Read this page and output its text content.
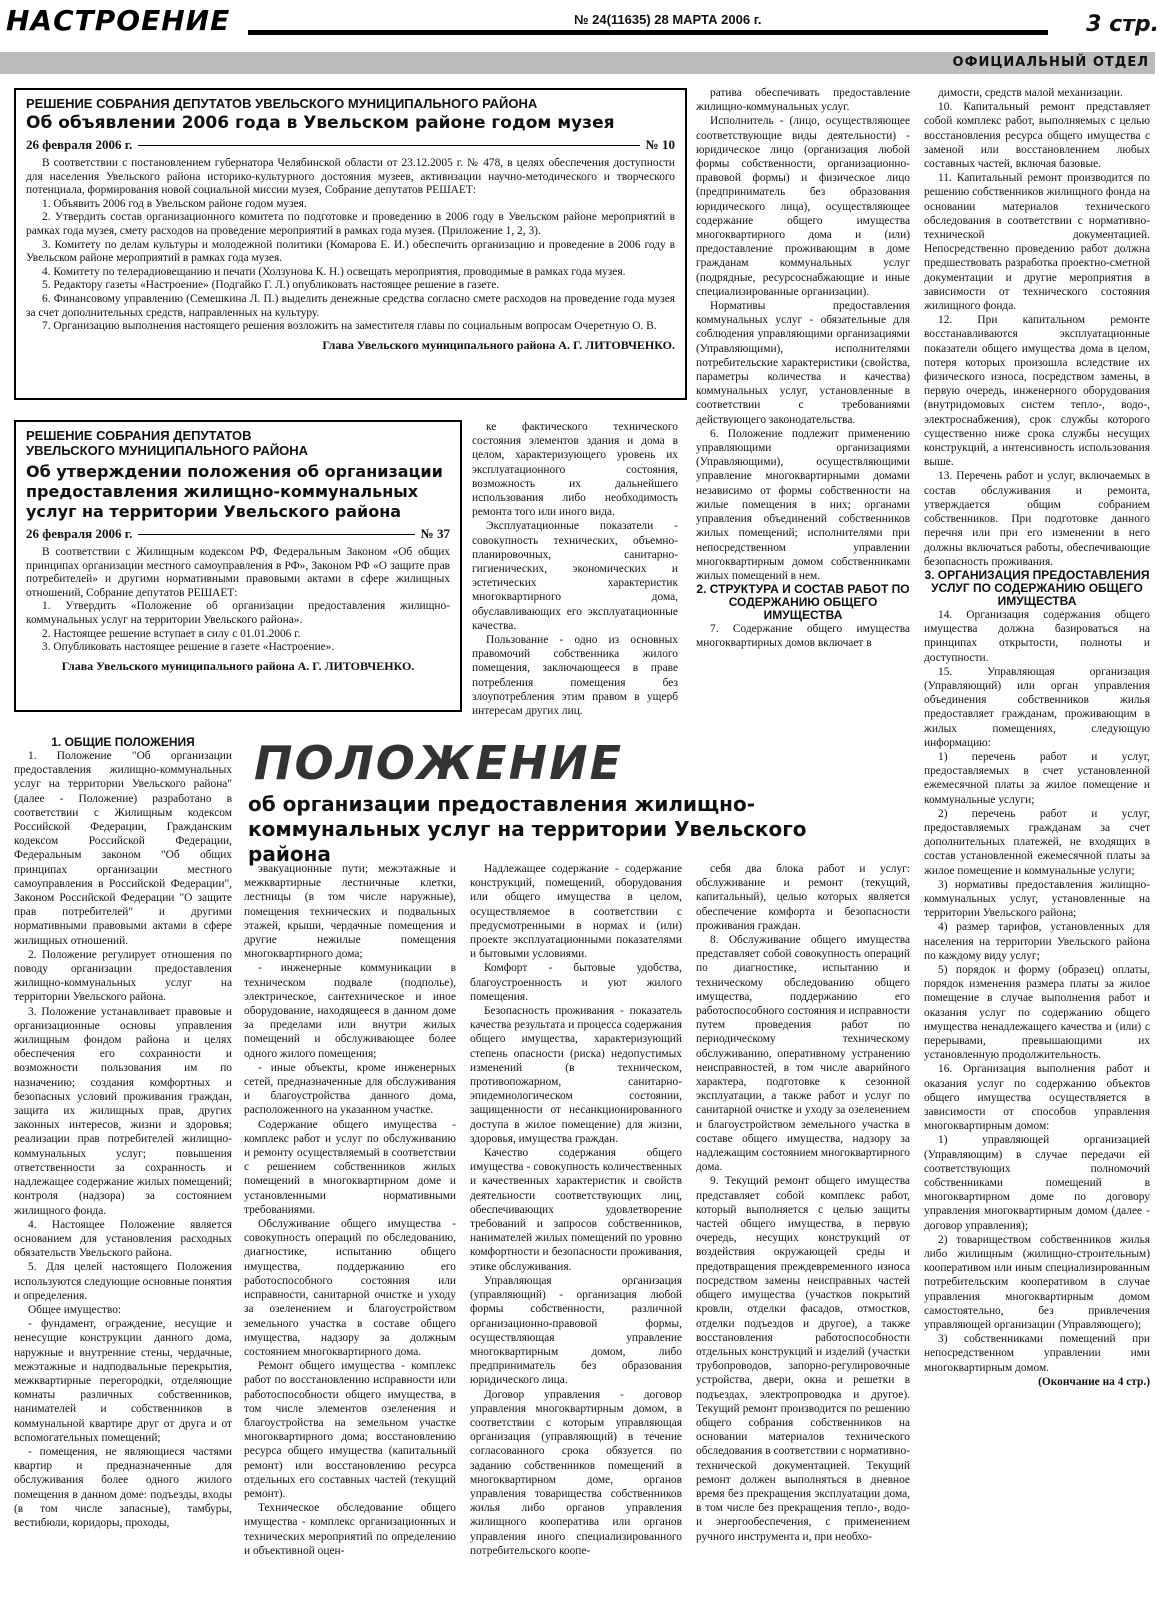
НАСТРОЕНИЕ	№ 24(11635) 28 МАРТА 2006 г.	3 стр.
ОФИЦИАЛЬНЫЙ ОТДЕЛ
РЕШЕНИЕ СОБРАНИЯ ДЕПУТАТОВ УВЕЛЬСКОГО МУНИЦИПАЛЬНОГО РАЙОНА
Об объявлении 2006 года в Увельском районе годом музея
26 февраля 2006 г.	№ 10

В соответствии с постановлением губернатора Челябинской области от 23.12.2005 г. № 478, в целях обеспечения доступности для населения Увельского района историко-культурного достояния музеев, активизации научно-методического и творческого потенциала, формирования новой социальной миссии музея, Собрание депутатов РЕШАЕТ:

1. Объявить 2006 год в Увельском районе годом музея.

2. Утвердить состав организационного комитета по подготовке и проведению в 2006 году в Увельском районе мероприятий в рамках года музея, смету расходов на проведение мероприятий в рамках года музея. (Приложение 1, 2, 3).

3. Комитету по делам культуры и молодежной политики (Комарова Е. И.) обеспечить организацию и проведение в 2006 году в Увельском районе мероприятий в рамках года музея.

4. Комитету по телерадиовещанию и печати (Холзунова К. Н.) освещать мероприятия, проводимые в рамках года музея.

5. Редактору газеты «Настроение» (Подгайко Г. Л.) опубликовать настоящее решение в газете.

6. Финансовому управлению (Семешкина Л. П.) выделить денежные средства согласно смете расходов на проведение года музея за счет дополнительных средств, направленных на культуру.

7. Организацию выполнения настоящего решения возложить на заместителя главы по социальным вопросам Очеретную О. В.

Глава Увельского муниципального района А. Г. ЛИТОВЧЕНКО.
РЕШЕНИЕ СОБРАНИЯ ДЕПУТАТОВ
УВЕЛЬСКОГО МУНИЦИПАЛЬНОГО РАЙОНА
Об утверждении положения об организации предоставления жилищно-коммунальных услуг на территории Увельского района
26 февраля 2006 г.	№ 37

В соответствии с Жилищным кодексом РФ, Федеральным Законом «Об общих принципах организации местного самоуправления в РФ», Законом РФ «О защите прав потребителей» и другими нормативными правовыми актами в сфере жилищных отношений, Собрание депутатов РЕШАЕТ:

1. Утвердить «Положение об организации предоставления жилищно-коммунальных услуг на территории Увельского района».

2. Настоящее решение вступает в силу с 01.01.2006 г.

3. Опубликовать настоящее решение в газете «Настроение».

Глава Увельского муниципального района А. Г. ЛИТОВЧЕНКО.

ке фактического технического состояния элементов здания и дома в целом, характеризующего уровень их эксплуатационного состояния, возможность их дальнейшего использования либо необходимость ремонта того или иного вида.

Эксплуатационные показатели - совокупность технических, объемно-планировочных, санитарно-гигиенических, экономических и эстетических характеристик многоквартирного дома, обуславливающих его эксплуатационные качества.

Пользование - одно из основных правомочий собственника жилого помещения, заключающееся в праве потребления помещения без злоупотребления этим правом в ущерб интересам других лиц.

ратива обеспечивать предоставление жилищно-коммунальных услуг.

Исполнитель - (лицо, осуществляющее соответствующие виды деятельности) - юридическое лицо (организация любой формы собственности, организационно-правовой формы) и физическое лицо (предприниматель без образования юридического лица), осуществляющее содержание общего имущества многоквартирного дома и (или) предоставление проживающим в доме гражданам коммунальных услуг (подрядные, ресурсоснабжающие и иные специализированные организации).

Нормативы предоставления коммунальных услуг - обязательные для соблюдения управляющими организациями (Управляющими), исполнителями потребительские характеристики (свойства, параметры количества и качества) коммунальных услуг, установленные в соответствии с требованиями действующего законодательства.

6. Положение подлежит применению управляющими организациями (Управляющими), осуществляющими управление многоквартирными домами независимо от формы собственности на жилые помещения в них; органами управления объединений собственников жилых помещений; исполнителями при непосредственном управлении многоквартирным домом собственниками жилых помещений в нем.

2. СТРУКТУРА И СОСТАВ РАБОТ ПО СОДЕРЖАНИЮ ОБЩЕГО ИМУЩЕСТВА

7. Содержание общего имущества многоквартирных домов включает в

димости, средств малой механизации.

10. Капитальный ремонт представляет собой комплекс работ, выполняемых с целью восстановления ресурса общего имущества с заменой или восстановлением любых составных частей, включая базовые.

11. Капитальный ремонт производится по решению собственников жилищного фонда на основании материалов технического обследования в соответствии с нормативно-технической документацией. Непосредственно проведению работ должна предшествовать разработка проектно-сметной документации и другие мероприятия в зависимости от технического состояния жилищного фонда.

12. При капитальном ремонте восстанавливаются эксплуатационные показатели общего имущества дома в целом, потеря которых произошла вследствие их физического износа, посредством замены, в первую очередь, инженерного оборудования (внутридомовых систем тепло-, водо-, электроснабжения), срок службы которого существенно ниже срока службы несущих конструкций, а интенсивность использования выше.

13. Перечень работ и услуг, включаемых в состав обслуживания и ремонта, утверждается общим собранием собственников. При подготовке данного перечня или при его изменении в него должны включаться работы, обеспечивающие безопасность проживания.

3. ОРГАНИЗАЦИЯ ПРЕДОСТАВЛЕНИЯ УСЛУГ ПО СОДЕРЖАНИЮ ОБЩЕГО ИМУЩЕСТВА

14. Организация содержания общего имущества должна базироваться на принципах открытости, полноты и доступности.

15. Управляющая организация (Управляющий) или орган управления объединения собственников жилья предоставляет гражданам, проживающим в жилых помещениях, следующую информацию:

1) перечень работ и услуг, предоставляемых в счет установленной ежемесячной платы за жилое помещение и коммунальные услуги;

2) перечень работ и услуг, предоставляемых гражданам за счет дополнительных платежей, не входящих в состав установленной ежемесячной платы за жилое помещение и коммунальные услуги;

3) нормативы предоставления жилищно-коммунальных услуг, установленные на территории Увельского района;

4) размер тарифов, установленных для населения на территории Увельского района по каждому виду услуг;

5) порядок и форму (образец) оплаты, порядок изменения размера платы за жилое помещение в случае выполнения работ и оказания услуг по содержанию общего имущества ненадлежащего качества и (или) с перерывами, превышающими их установленную продолжительность.

16. Организация выполнения работ и оказания услуг по содержанию объектов общего имущества осуществляется в зависимости от способов управления многоквартирным домом:

1) управляющей организацией (Управляющим) в случае передачи ей соответствующих полномочий собственниками помещений в многоквартирном доме по договору управления многоквартирным домом (далее - договор управления);

2) товариществом собственников жилья либо жилищным (жилищно-строительным) кооперативом или иным специализированным потребительским кооперативом в случае управления многоквартирным домом самостоятельно, без привлечения управляющей организации (Управляющего);

3) собственниками помещений при непосредственном управлении ими многоквартирным домом.

(Окончание на 4 стр.)

ПОЛОЖЕНИЕ
об организации предоставления жилищно-коммунальных услуг на территории Увельского района
1. ОБЩИЕ ПОЛОЖЕНИЯ

1. Положение "Об организации предоставления жилищно-коммунальных услуг на территории Увельского района" (далее - Положение) разработано в соответствии с Жилищным кодексом Российской Федерации, Гражданским кодексом Российской Федерации, Федеральным законом "Об общих принципах организации местного самоуправления в Российской Федерации", Законом Российской Федерации "О защите прав потребителей" и другими нормативными правовыми актами в сфере жилищных отношений.

2. Положение регулирует отношения по поводу организации предоставления жилищно-коммунальных услуг на территории Увельского района.

3. Положение устанавливает правовые и организационные основы управления жилищным фондом района и целях обеспечения его сохранности и возможности пользования им по назначению; создания комфортных и безопасных условий проживания граждан, защита их жилищных прав, других законных интересов, жизни и здоровья; реализации прав потребителей жилищно-коммунальных услуг; повышения ответственности за сохранность и надлежащее содержание жилых помещений; контроля (надзора) за состоянием жилищного фонда.

4. Настоящее Положение является основанием для установления расходных обязательств Увельского района.

5. Для целей настоящего Положения используются следующие основные понятия и определения.

Общее имущество:

- фундамент, ограждение, несущие и ненесущие конструкции данного дома, наружные и внутренние стены, чердачные, межэтажные и надподвальные перекрытия, межквартирные перегородки, отделяющие комнаты различных собственников, нанимателей и собственников в коммунальной квартире друг от друга и от вспомогательных помещений;

- помещения, не являющиеся частями квартир и предназначенные для обслуживания более одного жилого помещения в данном доме: подъезды, входы (в том числе запасные), тамбуры, вестибюли, коридоры, проходы,

эвакуационные пути; межэтажные и межквартирные лестничные клетки, лестницы (в том числе наружные), помещения технических и подвальных этажей, крыши, чердачные помещения и другие нежилые помещения многоквартирного дома;

- инженерные коммуникации в техническом подвале (подполье), электрическое, сантехническое и иное оборудование, находящееся в данном доме за пределами или внутри жилых помещений и обслуживающее более одного жилого помещения;

- иные объекты, кроме инженерных сетей, предназначенные для обслуживания и благоустройства данного дома, расположенного на указанном участке.

Содержание общего имущества - комплекс работ и услуг по обслуживанию и ремонту осуществляемый в соответствии с решением собственников жилых помещений в многоквартирном доме и установленными нормативными требованиями.

Обслуживание общего имущества - совокупность операций по обследованию, диагностике, испытанию общего имущества, поддержанию его работоспособного состояния или исправности, санитарной очистке и уходу за озеленением и благоустройством земельного участка в составе общего имущества, надзору за должным состоянием многоквартирного дома.

Ремонт общего имущества - комплекс работ по восстановлению исправности или работоспособности общего имущества, в том числе элементов озеленения и благоустройства на земельном участке многоквартирного дома; восстановлению ресурса общего имущества (капитальный ремонт) или восстановлению ресурса отдельных его составных частей (текущий ремонт).

Техническое обследование общего имущества - комплекс организационных и технических мероприятий по определению и объективной оцен-

Надлежащее содержание - содержание конструкций, помещений, оборудования или общего имущества в целом, осуществляемое в соответствии с предусмотренными в нормах и (или) проекте эксплуатационными показателями и бытовыми условиями.

Комфорт - бытовые удобства, благоустроенность и уют жилого помещения.

Безопасность проживания - показатель качества результата и процесса содержания общего имущества, характеризующий степень опасности (риска) недопустимых изменений (в техническом, противопожарном, санитарно-эпидемиологическом состоянии, защищенности от несанкционированного доступа в жилое помещение) для жизни, здоровья, имущества граждан.

Качество содержания общего имущества - совокупность количественных и качественных характеристик и свойств деятельности соответствующих лиц, обеспечивающих удовлетворение требований и запросов собственников, нанимателей жилых помещений по уровню комфортности и безопасности проживания, этике обслуживания.

Управляющая организация (управляющий) - организация любой формы собственности, различной организационно-правовой формы, осуществляющая управление многоквартирным домом, либо предприниматель без образования юридического лица.

Договор управления - договор управления многоквартирным домом, в соответствии с которым управляющая организация (управляющий) в течение согласованного срока обязуется по заданию собственников помещений в многоквартирном доме, органов управления товарищества собственников жилья либо органов управления жилищного кооператива или органов управления иного специализированного потребительского коопе-

себя два блока работ и услуг: обслуживание и ремонт (текущий, капитальный), целью которых является обеспечение комфорта и безопасности проживания граждан.

8. Обслуживание общего имущества представляет собой совокупность операций по диагностике, испытанию и техническому обследованию общего имущества, поддержанию его работоспособного состояния и исправности путем проведения работ по периодическому техническому обслуживанию, оперативному устранению неисправностей, в том числе аварийного характера, подготовке к сезонной эксплуатации, а также работ и услуг по санитарной очистке и уходу за озеленением и благоустройством земельного участка в составе общего имущества, надзору за надлежащим состоянием многоквартирного дома.

9. Текущий ремонт общего имущества представляет собой комплекс работ, который выполняется с целью защиты частей общего имущества, в первую очередь, несущих конструкций от воздействия окружающей среды и предотвращения преждевременного износа посредством замены неисправных частей общего имущества (участков покрытий кровли, отделки фасадов, отмостков, отделки подъездов и другое), а также восстановления работоспособности отдельных конструкций и изделий (участки трубопроводов, запорно-регулировочные устройства, двери, окна и решетки в подъездах, электропроводка и другое). Текущий ремонт производится по решению общего собрания собственников на основании материалов технического обследования в соответствии с нормативно-технической документацией. Текущий ремонт должен выполняться в дневное время без прекращения эксплуатации дома, в том числе без прекращения тепло-, водо- и энергообеспечения, с применением ручного инструмента и, при необхо-
